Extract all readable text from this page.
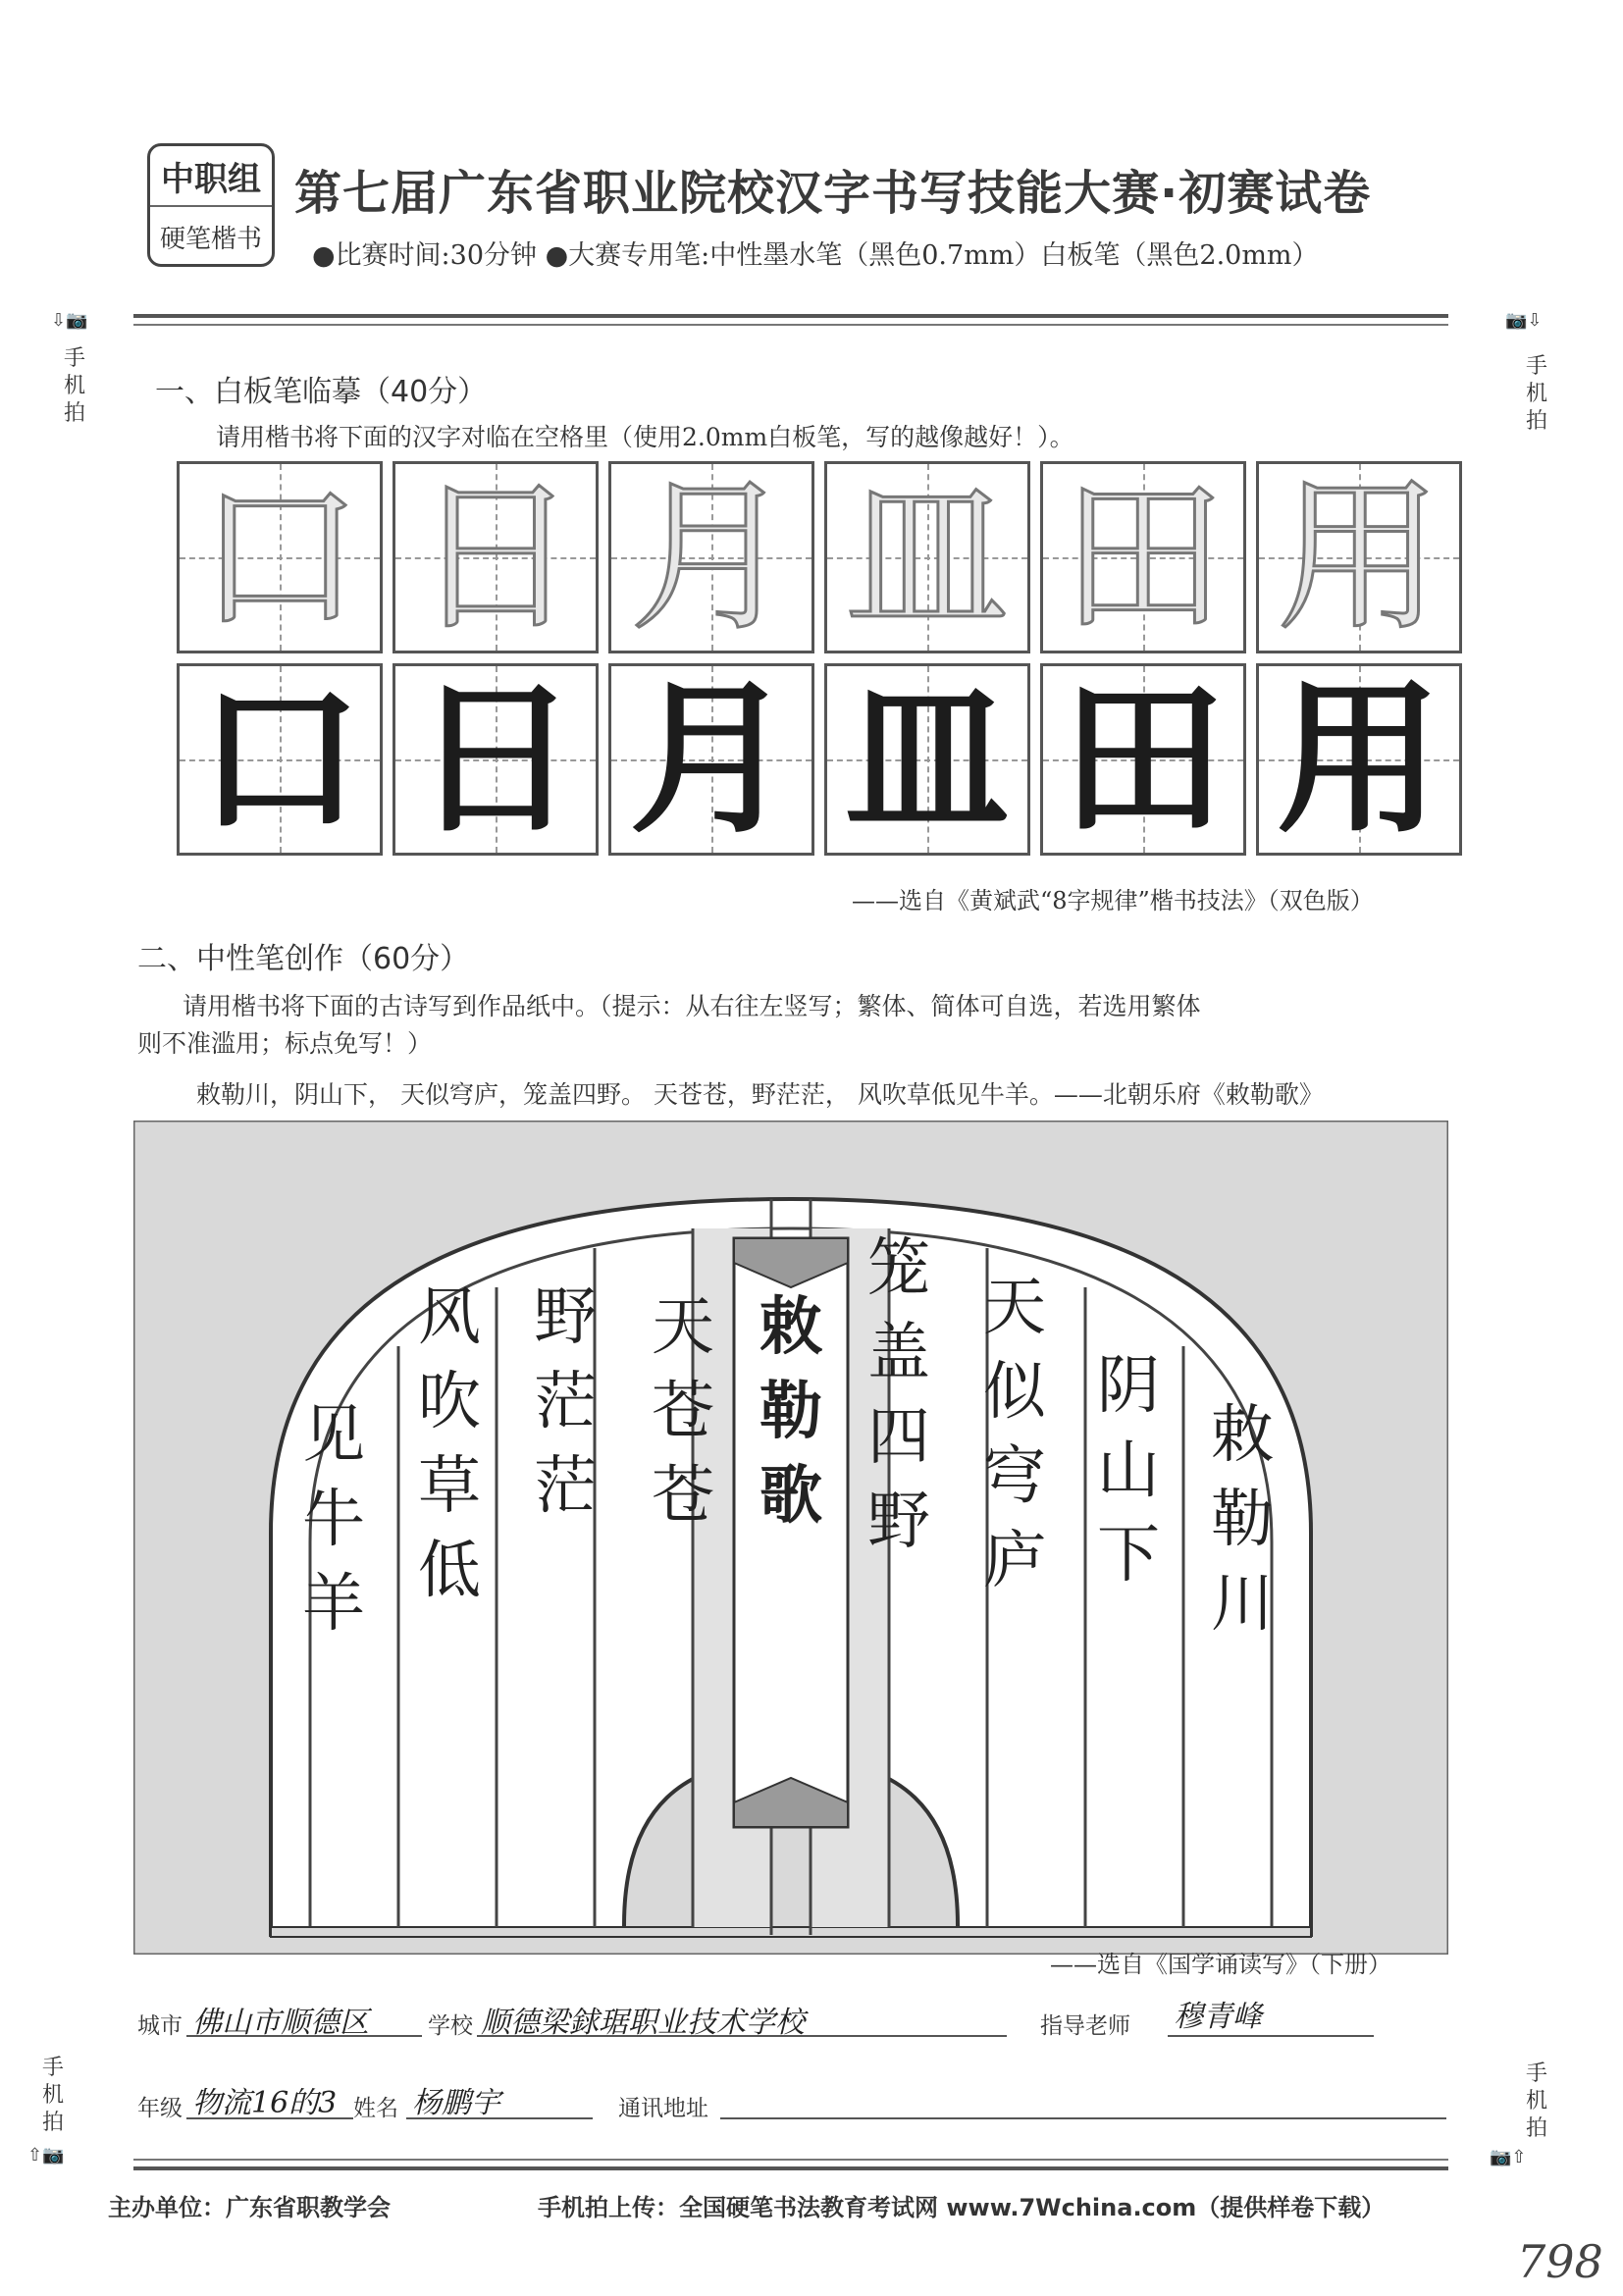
中职组
硬笔楷书
第七届广东省职业院校汉字书写技能大赛·初赛试卷
●比赛时间:30分钟 ●大赛专用笔:中性墨水笔（黑色0.7mm）白板笔（黑色2.0mm）
⇩📷
手机拍
📷⇩
手机拍
一、白板笔临摹（40分）
请用楷书将下面的汉字对临在空格里（使用2.0mm白板笔，写的越像越好！）。
口 日 月 皿 田 用
口 日 月 皿 田 用
——选自《黄斌武“8字规律”楷书技法》（双色版）
二、中性笔创作（60分）
请用楷书将下面的古诗写到作品纸中。（提示：从右往左竖写；繁体、简体可自选，若选用繁体
则不准滥用；标点免写！）
敕勒川，阴山下， 天似穹庐，笼盖四野。 天苍苍，野茫茫， 风吹草低见牛羊。——北朝乐府《敕勒歌》
见牛羊
风吹草低
野茫茫
天苍苍
敕勒歌
笼盖四野
天似穹庐
阴山下
敕勒川
——选自《国学诵读写》（下册）
城市 佛山市顺德区	学校 顺德梁銶琚职业技术学校	指导老师 穆青峰
年级 物流16的3 姓名 杨鹏宇	通讯地址
手机拍
⇧📷
手机拍
📷⇧
主办单位：广东省职教学会	手机拍上传：全国硬笔书法教育考试网 www.7Wchina.com（提供样卷下载）
798
